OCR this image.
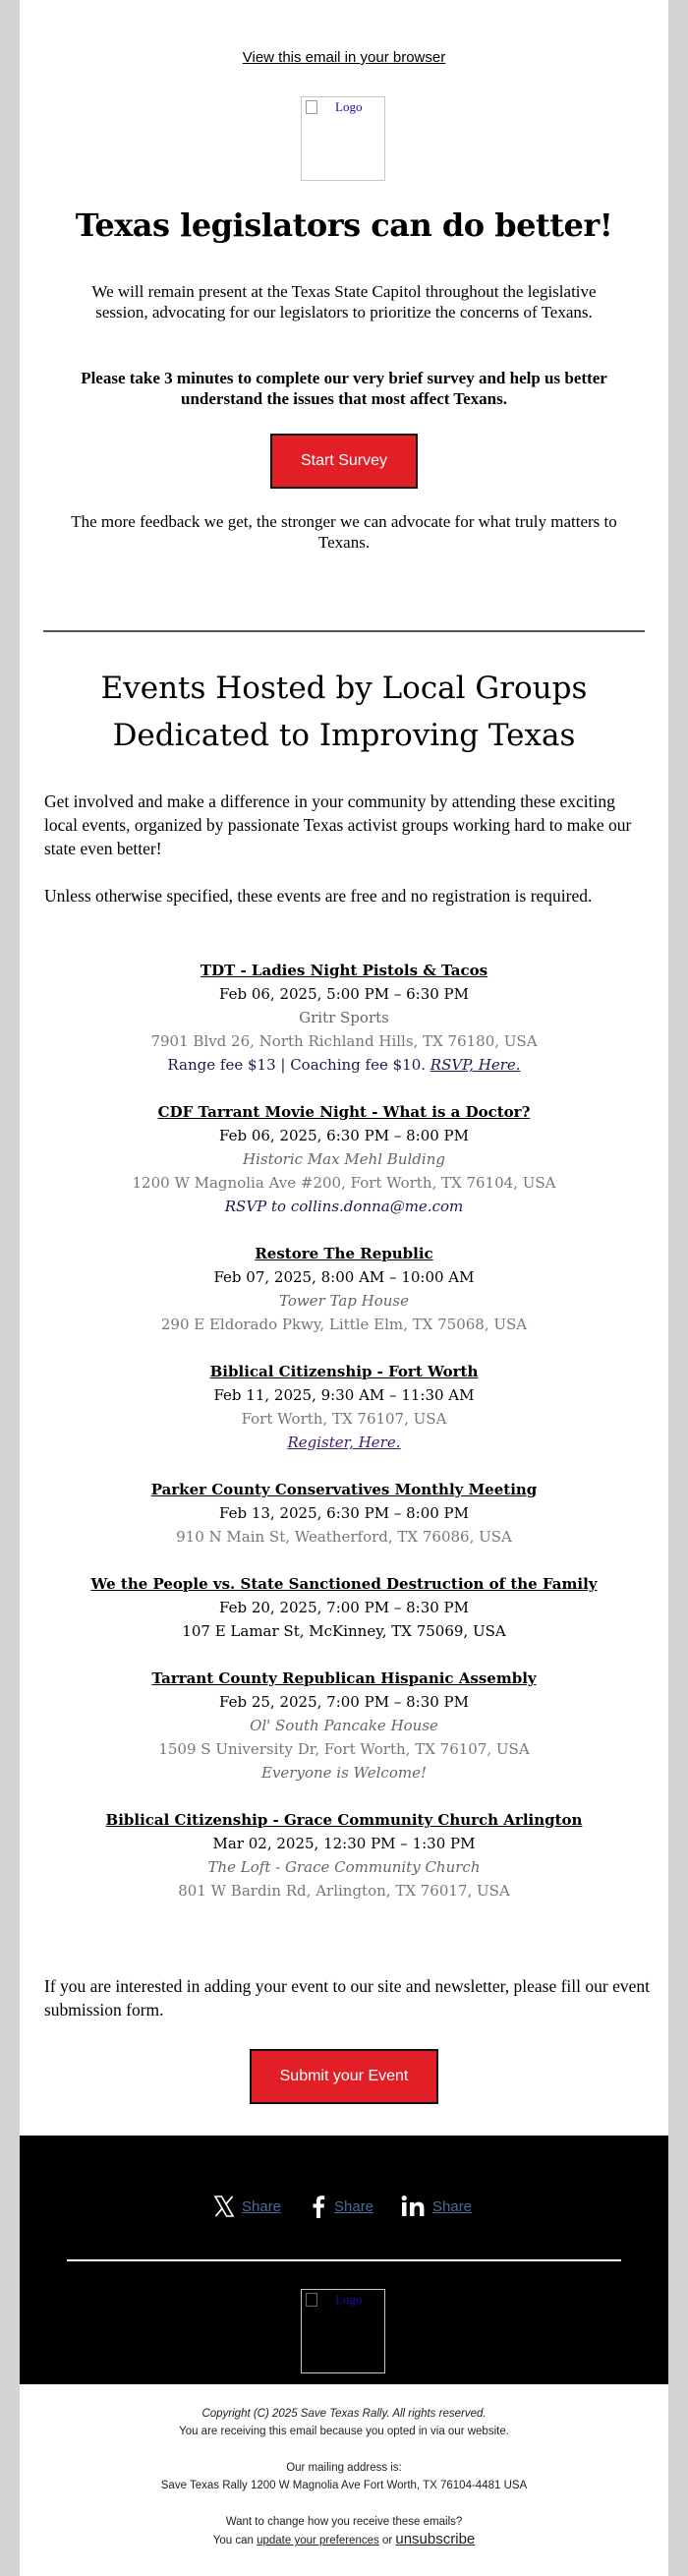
View this email in your browser
Logo
Texas legislators can do better!

We will remain present at the Texas State Capitol throughout the legislative session, advocating for our legislators to prioritize the concerns of Texans.

Please take 3 minutes to complete our very brief survey and help us better understand the issues that most affect Texans.

Start Survey

The more feedback we get, the stronger we can advocate for what truly matters to Texans.

Events Hosted by Local Groups
Dedicated to Improving Texas

Get involved and make a difference in your community by attending these exciting local events, organized by passionate Texas activist groups working hard to make our state even better!

Unless otherwise specified, these events are free and no registration is required.

TDT - Ladies Night Pistols & Tacos
Feb 06, 2025, 5:00 PM – 6:30 PM
Gritr Sports
7901 Blvd 26, North Richland Hills, TX 76180, USA
Range fee $13 | Coaching fee $10. RSVP, Here.
CDF Tarrant Movie Night - What is a Doctor?
Feb 06, 2025, 6:30 PM – 8:00 PM
Historic Max Mehl Bulding
1200 W Magnolia Ave #200, Fort Worth, TX 76104, USA
RSVP to collins.donna@me.com
Restore The Republic
Feb 07, 2025, 8:00 AM – 10:00 AM
Tower Tap House
290 E Eldorado Pkwy, Little Elm, TX 75068, USA
Biblical Citizenship - Fort Worth
Feb 11, 2025, 9:30 AM – 11:30 AM
Fort Worth, TX 76107, USA
Register, Here.
Parker County Conservatives Monthly Meeting
Feb 13, 2025, 6:30 PM – 8:00 PM
910 N Main St, Weatherford, TX 76086, USA
We the People vs. State Sanctioned Destruction of the Family
Feb 20, 2025, 7:00 PM – 8:30 PM
107 E Lamar St, McKinney, TX 75069, USA
Tarrant County Republican Hispanic Assembly
Feb 25, 2025, 7:00 PM – 8:30 PM
Ol' South Pancake House
1509 S University Dr, Fort Worth, TX 76107, USA
Everyone is Welcome!
Biblical Citizenship - Grace Community Church Arlington
Mar 02, 2025, 12:30 PM – 1:30 PM
The Loft - Grace Community Church
801 W Bardin Rd, Arlington, TX 76017, USA

If you are interested in adding your event to our site and newsletter, please fill our event submission form.

Submit your Event
Share	Share	Share
Logo
Copyright (C) 2025 Save Texas Rally. All rights reserved.
You are receiving this email because you opted in via our website.
Our mailing address is:
Save Texas Rally 1200 W Magnolia Ave Fort Worth, TX 76104-4481 USA
Want to change how you receive these emails?
You can update your preferences or unsubscribe
